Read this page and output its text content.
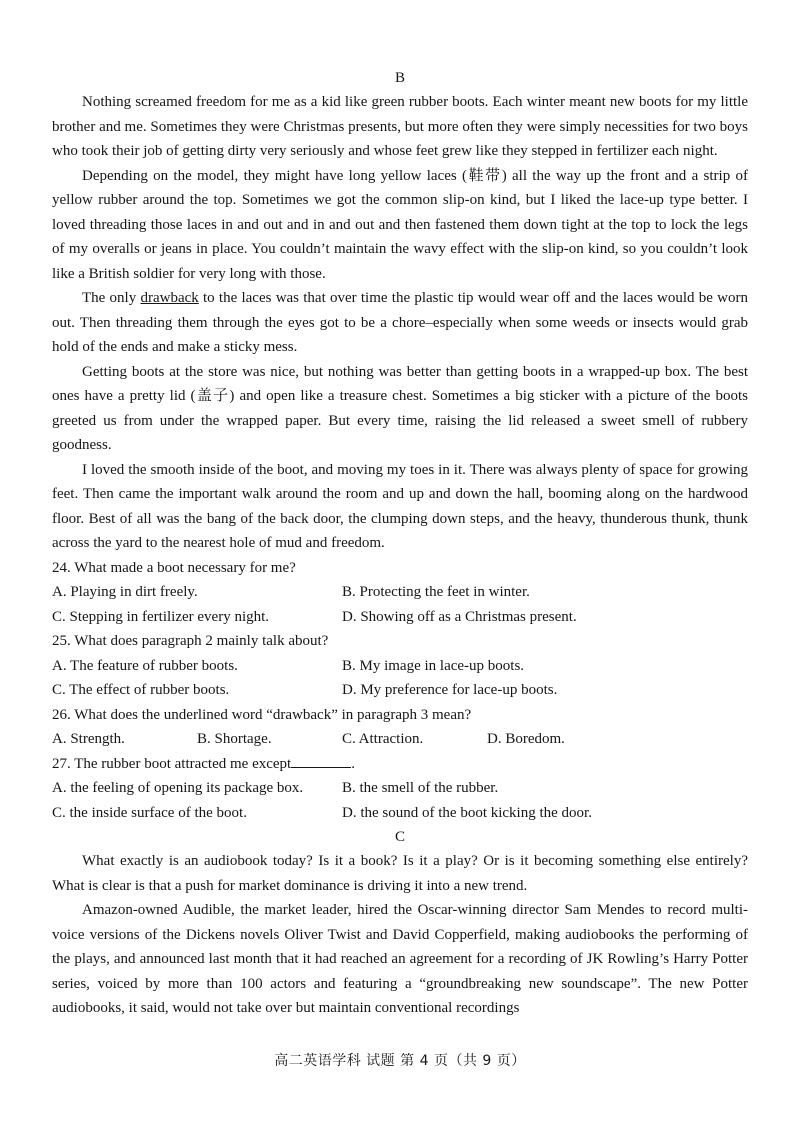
B

Nothing screamed freedom for me as a kid like green rubber boots. Each winter meant new boots for my little brother and me. Sometimes they were Christmas presents, but more often they were simply necessities for two boys who took their job of getting dirty very seriously and whose feet grew like they stepped in fertilizer each night.

Depending on the model, they might have long yellow laces (鞋带) all the way up the front and a strip of yellow rubber around the top. Sometimes we got the common slip-on kind, but I liked the lace-up type better. I loved threading those laces in and out and in and out and then fastened them down tight at the top to lock the legs of my overalls or jeans in place. You couldn’t maintain the wavy effect with the slip-on kind, so you couldn’t look like a British soldier for very long with those.

The only drawback to the laces was that over time the plastic tip would wear off and the laces would be worn out. Then threading them through the eyes got to be a chore–especially when some weeds or insects would grab hold of the ends and make a sticky mess.

Getting boots at the store was nice, but nothing was better than getting boots in a wrapped-up box. The best ones have a pretty lid (盖子) and open like a treasure chest. Sometimes a big sticker with a picture of the boots greeted us from under the wrapped paper. But every time, raising the lid released a sweet smell of rubbery goodness.

I loved the smooth inside of the boot, and moving my toes in it. There was always plenty of space for growing feet. Then came the important walk around the room and up and down the hall, booming along on the hardwood floor. Best of all was the bang of the back door, the clumping down steps, and the heavy, thunderous thunk, thunk across the yard to the nearest hole of mud and freedom.

24. What made a boot necessary for me?

A. Playing in dirt freely.	B. Protecting the feet in winter.
C. Stepping in fertilizer every night.	D. Showing off as a Christmas present.

25. What does paragraph 2 mainly talk about?

A. The feature of rubber boots.	B. My image in lace-up boots.
C. The effect of rubber boots.	D. My preference for lace-up boots.

26. What does the underlined word “drawback” in paragraph 3 mean?

A. Strength.	B. Shortage.	C. Attraction.	D. Boredom.

27. The rubber boot attracted me except	.

A. the feeling of opening its package box.	B. the smell of the rubber.
C. the inside surface of the boot.	D. the sound of the boot kicking the door.
C

What exactly is an audiobook today? Is it a book? Is it a play? Or is it becoming something else entirely? What is clear is that a push for market dominance is driving it into a new trend.

Amazon-owned Audible, the market leader, hired the Oscar-winning director Sam Mendes to record multi-voice versions of the Dickens novels Oliver Twist and David Copperfield, making audiobooks the performing of the plays, and announced last month that it had reached an agreement for a recording of JK Rowling’s Harry Potter series, voiced by more than 100 actors and featuring a “groundbreaking new soundscape”. The new Potter audiobooks, it said, would not take over but maintain conventional recordings

高二英语学科 试题 第 4 页（共 9 页）
